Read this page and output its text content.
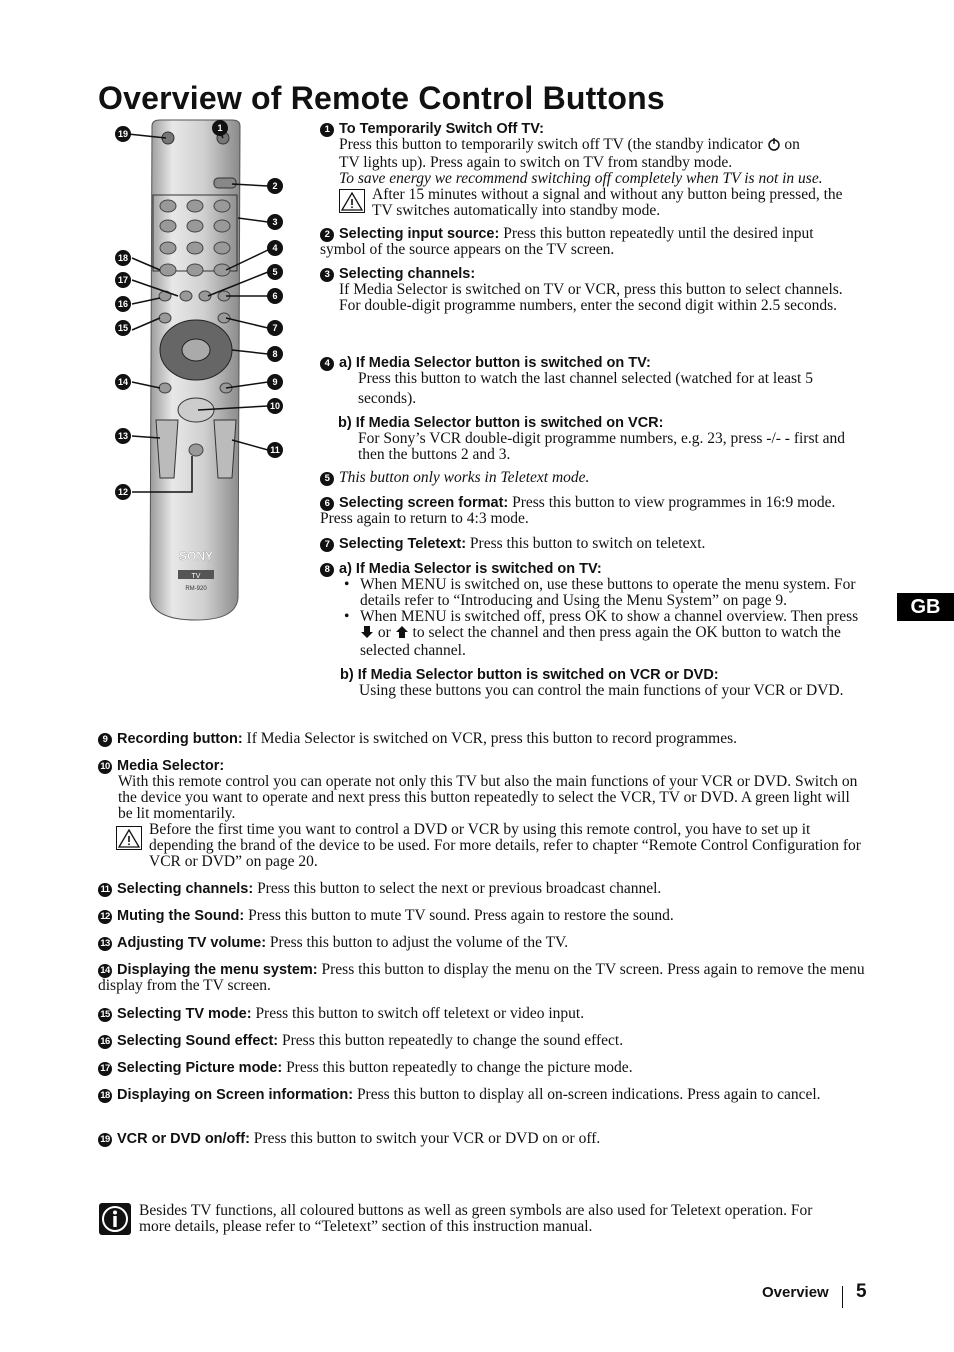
Overview of Remote Control Buttons
GB
SONY
TV
RM-920
19
1
2
3
4
5
6
7
8
9
10
11
12
13
14
15
16
17
18
1 To Temporarily Switch Off TV:
Press this button to temporarily switch off TV (the standby indicator on
TV lights up). Press again to switch on TV from standby mode.
To save energy we recommend switching off completely when TV is not in use.
After 15 minutes without a signal and without any button being pressed, the TV switches automatically into standby mode.
2 Selecting input source: Press this button repeatedly until the desired input symbol of the source appears on the TV screen.
3 Selecting channels:
If Media Selector is switched on TV or VCR, press this button to select channels.
For double-digit programme numbers, enter the second digit within 2.5 seconds.
4 a) If Media Selector button is switched on TV:
Press this button to watch the last channel selected (watched for at least 5 seconds).
b) If Media Selector button is switched on VCR:
For Sony’s VCR double-digit programme numbers, e.g. 23, press -/- - first and then the buttons 2 and 3.
5 This button only works in Teletext mode.
6 Selecting screen format: Press this button to view programmes in 16:9 mode. Press again to return to 4:3 mode.
7 Selecting Teletext: Press this button to switch on teletext.
8 a) If Media Selector is switched on TV:
• When MENU is switched on, use these buttons to operate the menu system. For details refer to “Introducing and Using the Menu System” on page 9.
• When MENU is switched off, press OK to show a channel overview. Then press  or to select the channel and then press again the OK button to watch the selected channel.
b) If Media Selector button is switched on VCR or DVD:
Using these buttons you can control the main functions of your VCR or DVD.
9 Recording button: If Media Selector is switched on VCR, press this button to record programmes.
10 Media Selector:
With this remote control you can operate not only this TV but also the main functions of your VCR or DVD. Switch on the device you want to operate and next press this button repeatedly to select the VCR, TV or DVD. A green light will be lit momentarily.
Before the first time you want to control a DVD or VCR by using this remote control, you have to set up it depending the brand of the device to be used. For more details, refer to chapter “Remote Control Configuration for VCR or DVD” on page 20.
11 Selecting channels: Press this button to select the next or previous broadcast channel.
12 Muting the Sound: Press this button to mute TV sound. Press again to restore the sound.
13 Adjusting TV volume: Press this button to adjust the volume of the TV.
14 Displaying the menu system: Press this button to display the menu on the TV screen. Press again to remove the menu display from the TV screen.
15 Selecting TV mode: Press this button to switch off teletext or video input.
16 Selecting Sound effect: Press this button repeatedly to change the sound effect.
17 Selecting Picture mode: Press this button repeatedly to change the picture mode.
18 Displaying on Screen information: Press this button to display all on-screen indications. Press again to cancel.
19 VCR or DVD on/off: Press this button to switch your VCR or DVD on or off.
Besides TV functions, all coloured buttons as well as green symbols are also used for Teletext operation. For more details, please refer to “Teletext” section of this instruction manual.
Overview 5
